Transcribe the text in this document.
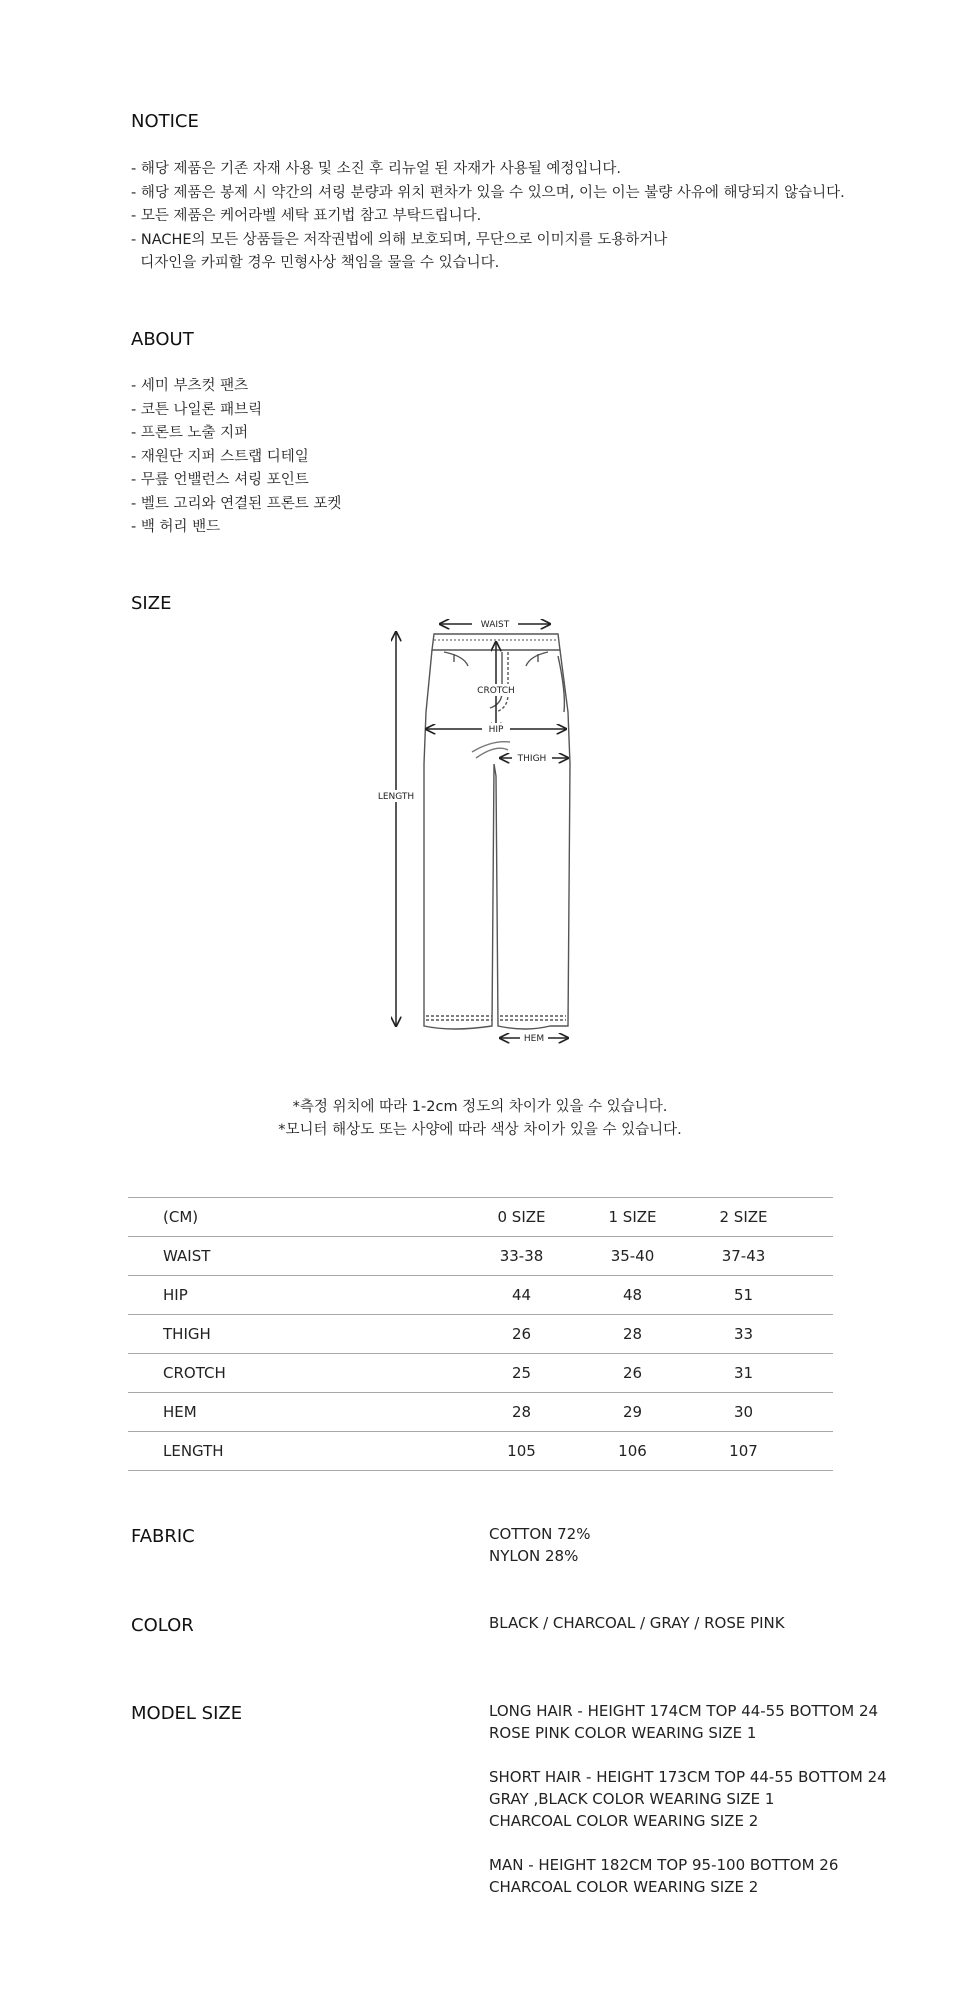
NOTICE
- 해당 제품은 기존 자재 사용 및 소진 후 리뉴얼 된 자재가 사용될 예정입니다.
- 해당 제품은 봉제 시 약간의 셔링 분량과 위치 편차가 있을 수 있으며, 이는 이는 불량 사유에 해당되지 않습니다.
- 모든 제품은 케어라벨 세탁 표기법 참고 부탁드립니다.
- NACHE의 모든 상품들은 저작권법에 의해 보호되며, 무단으로 이미지를 도용하거나
디자인을 카피할 경우 민형사상 책임을 물을 수 있습니다.
ABOUT
- 세미 부츠컷 팬츠
- 코튼 나일론 패브릭
- 프론트 노출 지퍼
- 재원단 지퍼 스트랩 디테일
- 무릎 언밸런스 셔링 포인트
- 벨트 고리와 연결된 프론트 포켓
- 백 허리 밴드
SIZE
WAIST
CROTCH
HIP
THIGH
LENGTH
HEM
*측정 위치에 따라 1-2cm 정도의 차이가 있을 수 있습니다.
*모니터 해상도 또는 사양에 따라 색상 차이가 있을 수 있습니다.
	(CM)	0 SIZE	1 SIZE	2 SIZE	
	WAIST	33-38	35-40	37-43	
	HIP	44	48	51	
	THIGH	26	28	33	
	CROTCH	25	26	31	
	HEM	28	29	30	
	LENGTH	105	106	107	
FABRIC	COTTON 72%
NYLON 28%
COLOR	BLACK / CHARCOAL / GRAY / ROSE PINK
MODEL SIZE	LONG HAIR - HEIGHT 174CM TOP 44-55 BOTTOM 24
ROSE PINK COLOR WEARING SIZE 1
SHORT HAIR - HEIGHT 173CM TOP 44-55 BOTTOM 24
GRAY ,BLACK COLOR WEARING SIZE 1
CHARCOAL COLOR WEARING SIZE 2
MAN - HEIGHT 182CM TOP 95-100 BOTTOM 26
CHARCOAL COLOR WEARING SIZE 2
